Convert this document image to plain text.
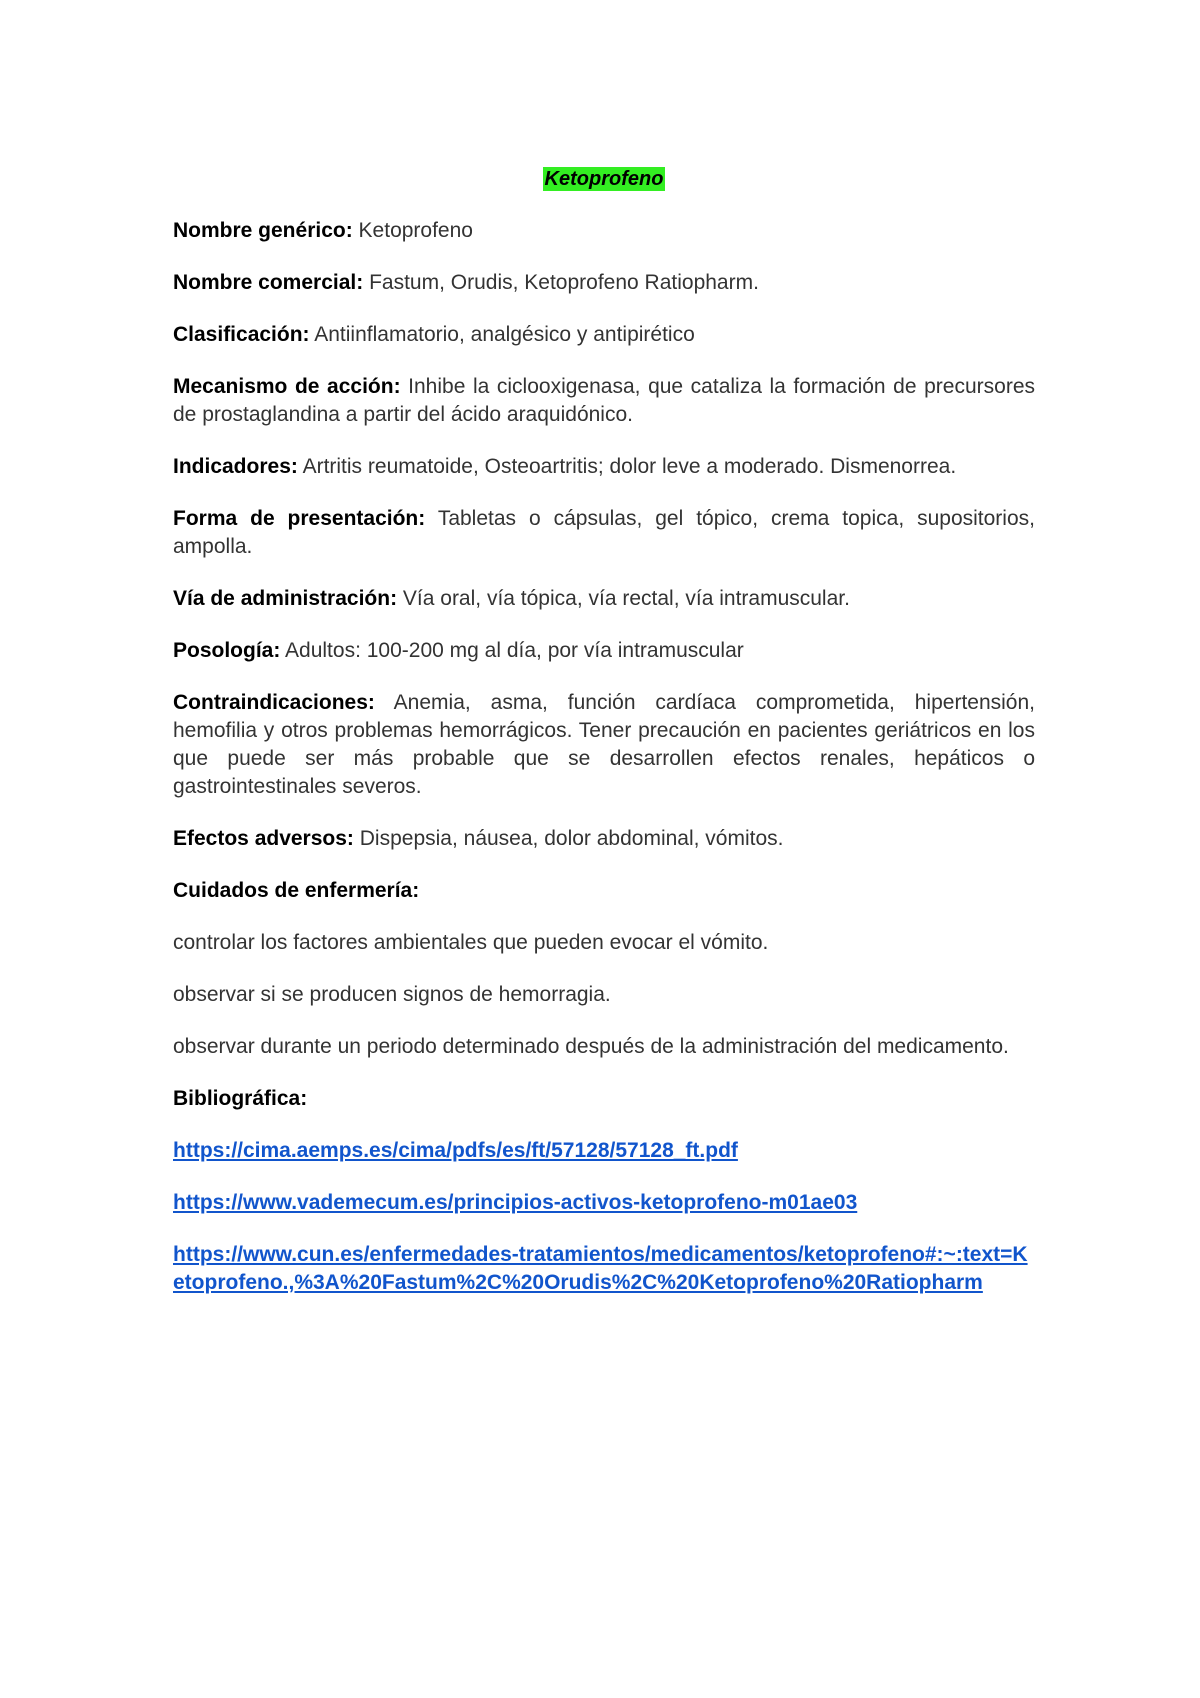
Ketoprofeno

Nombre genérico: Ketoprofeno

Nombre comercial: Fastum, Orudis, Ketoprofeno Ratiopharm.

Clasificación: Antiinflamatorio, analgésico y antipirético

Mecanismo de acción: Inhibe la ciclooxigenasa, que cataliza la formación de precursores de prostaglandina a partir del ácido araquidónico.

Indicadores: Artritis reumatoide, Osteoartritis; dolor leve a moderado. Dismenorrea.

Forma de presentación: Tabletas o cápsulas, gel tópico, crema topica, supositorios, ampolla.

Vía de administración: Vía oral, vía tópica, vía rectal, vía intramuscular.

Posología: Adultos: 100-200 mg al día, por vía intramuscular

Contraindicaciones: Anemia, asma, función cardíaca comprometida, hipertensión, hemofilia y otros problemas hemorrágicos. Tener precaución en pacientes geriátricos en los que puede ser más probable que se desarrollen efectos renales, hepáticos o gastrointestinales severos.

Efectos adversos: Dispepsia, náusea, dolor abdominal, vómitos.

Cuidados de enfermería:

controlar los factores ambientales que pueden evocar el vómito.

observar si se producen signos de hemorragia.

observar durante un periodo determinado después de la administración del medicamento.

Bibliográfica:

https://cima.aemps.es/cima/pdfs/es/ft/57128/57128_ft.pdf

https://www.vademecum.es/principios-activos-ketoprofeno-m01ae03

https://www.cun.es/enfermedades-tratamientos/medicamentos/ketoprofeno#:~:text=Ketoprofeno.,%3A%20Fastum%2C%20Orudis%2C%20Ketoprofeno%20Ratiopharm
